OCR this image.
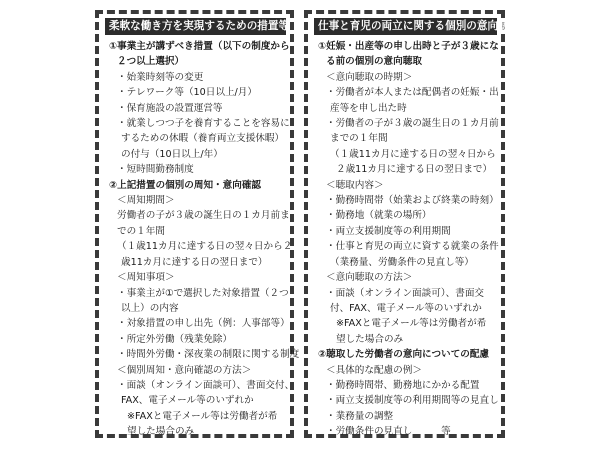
柔軟な働き方を実現するための措置等
①事業主が講ずべき措置（以下の制度から
２つ以上選択）
・始業時刻等の変更
・テレワーク等（10日以上/月）
・保育施設の設置運営等
・就業しつつ子を養育することを容易に
するための休暇（養育両立支援休暇）
の付与（10日以上/年）
・短時間勤務制度
②上記措置の個別の周知・意向確認
＜周知期間＞
労働者の子が３歳の誕生日の１カ月前ま
での１年間
（１歳11カ月に達する日の翌々日から２
歳11カ月に達する日の翌日まで）
＜周知事項＞
・事業主が①で選択した対象措置（２つ
以上）の内容
・対象措置の申し出先（例：人事部等）
・所定外労働（残業免除）
・時間外労働・深夜業の制限に関する制度
＜個別周知・意向確認の方法＞
・面談（オンライン面談可）、書面交付、
FAX、電子メール等のいずれか
※FAXと電子メール等は労働者が希
望した場合のみ
仕事と育児の両立に関する個別の意向聴取・配慮
①妊娠・出産等の申し出時と子が３歳にな
る前の個別の意向聴取
＜意向聴取の時期＞
・労働者が本人または配偶者の妊娠・出
産等を申し出た時
・労働者の子が３歳の誕生日の１カ月前
までの１年間
（１歳11カ月に達する日の翌々日から
２歳11カ月に達する日の翌日まで）
＜聴取内容＞
・勤務時間帯（始業および終業の時刻）
・勤務地（就業の場所）
・両立支援制度等の利用期間
・仕事と育児の両立に資する就業の条件
（業務量、労働条件の見直し等）
＜意向聴取の方法＞
・面談（オンライン面談可）、書面交
付、FAX、電子メール等のいずれか
※FAXと電子メール等は労働者が希
望した場合のみ
②聴取した労働者の意向についての配慮
＜具体的な配慮の例＞
・勤務時間帯、勤務地にかかる配置
・両立支援制度等の利用期間等の見直し
・業務量の調整
・労働条件の見直し　　　等
